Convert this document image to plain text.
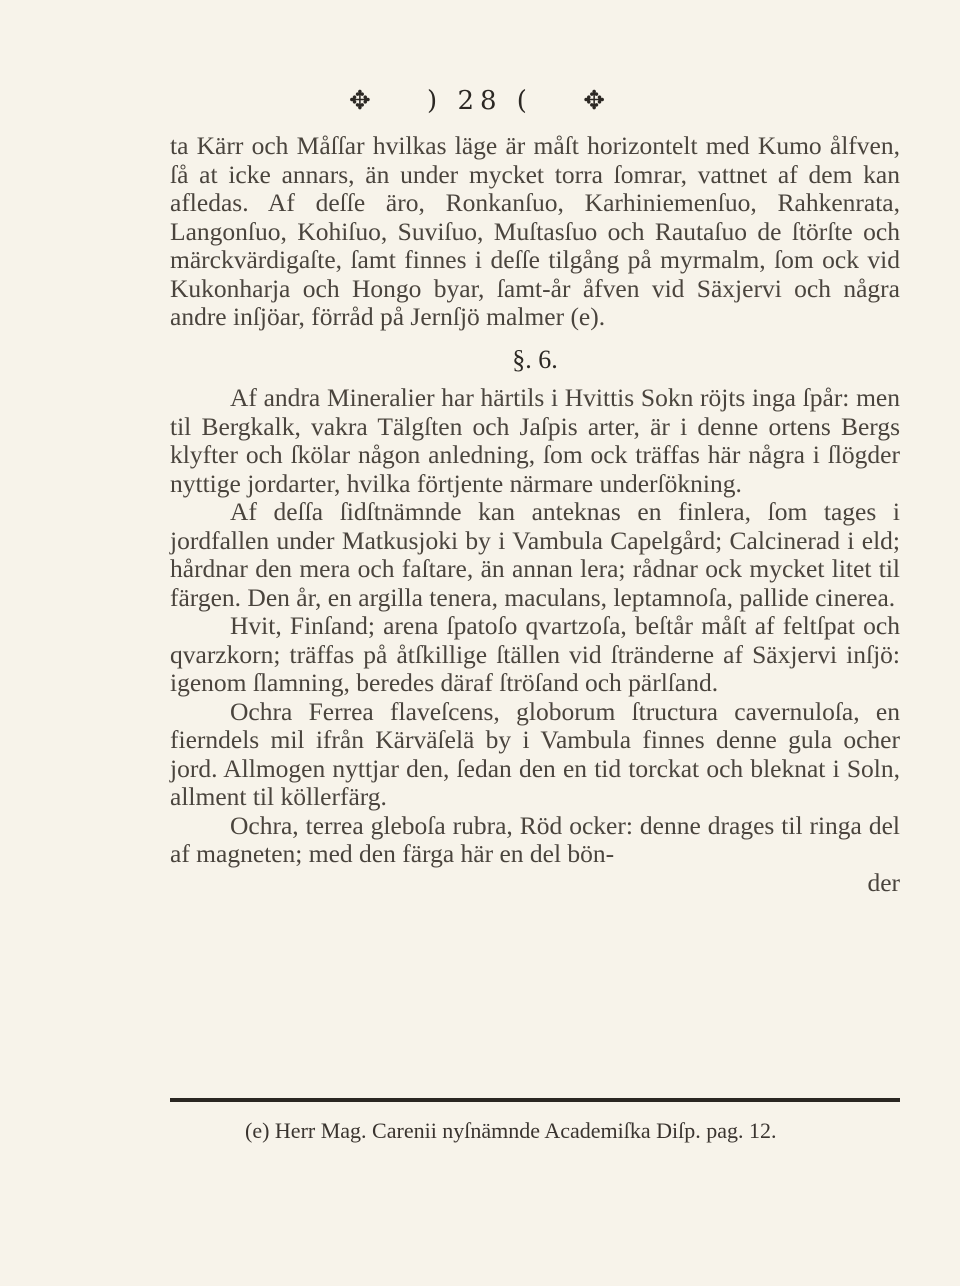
✥ ) 28 ( ✥

ta Kärr och Måſſar hvilkas läge är måſt horizontelt med Kumo ålfven, ſå at icke annars, än under mycket torra ſomrar, vattnet af dem kan afledas. Af deſſe äro, Ronkanſuo, Karhiniemenſuo, Rahkenrata, Langonſuo, Kohiſuo, Suviſuo, Muſtasſuo och Rautaſuo de ſtörſte och märckvärdigaſte, ſamt finnes i deſſe tilgång på myrmalm, ſom ock vid Kukonharja och Hongo byar, ſamt-år åfven vid Säxjervi och några andre inſjöar, förråd på Jernſjö malmer (e).

§. 6.

Af andra Mineralier har härtils i Hvittis Sokn röjts inga ſpår: men til Bergkalk, vakra Tälgſten och Jaſpis arter, är i denne ortens Bergs klyfter och ſkölar någon anledning, ſom ock träffas här några i ſlögder nyttige jordarter, hvilka förtjente närmare underſökning.

Af deſſa ſidſtnämnde kan anteknas en finlera, ſom tages i jordfallen under Matkusjoki by i Vambula Capelgård; Calcinerad i eld; hårdnar den mera och faſtare, än annan lera; rådnar ock mycket litet til färgen. Den år, en argilla tenera, maculans, leptamnoſa, pallide cinerea.

Hvit, Finſand; arena ſpatoſo qvartzoſa, beſtår måſt af feltſpat och qvarzkorn; träffas på åtſkillige ſtällen vid ſtränderne af Säxjervi inſjö: igenom ſlamning, beredes däraf ſtröſand och pärlſand.

Ochra Ferrea flaveſcens, globorum ſtructura cavernuloſa, en fierndels mil ifrån Kärväſelä by i Vambula finnes denne gula ocher jord. Allmogen nyttjar den, ſedan den en tid torckat och bleknat i Soln, allment til köllerfärg.

Ochra, terrea gleboſa rubra, Röd ocker: denne drages til ringa del af magneten; med den färga här en del bön-

der

(e) Herr Mag. Carenii nyſnämnde Academiſka Diſp. pag. 12.
